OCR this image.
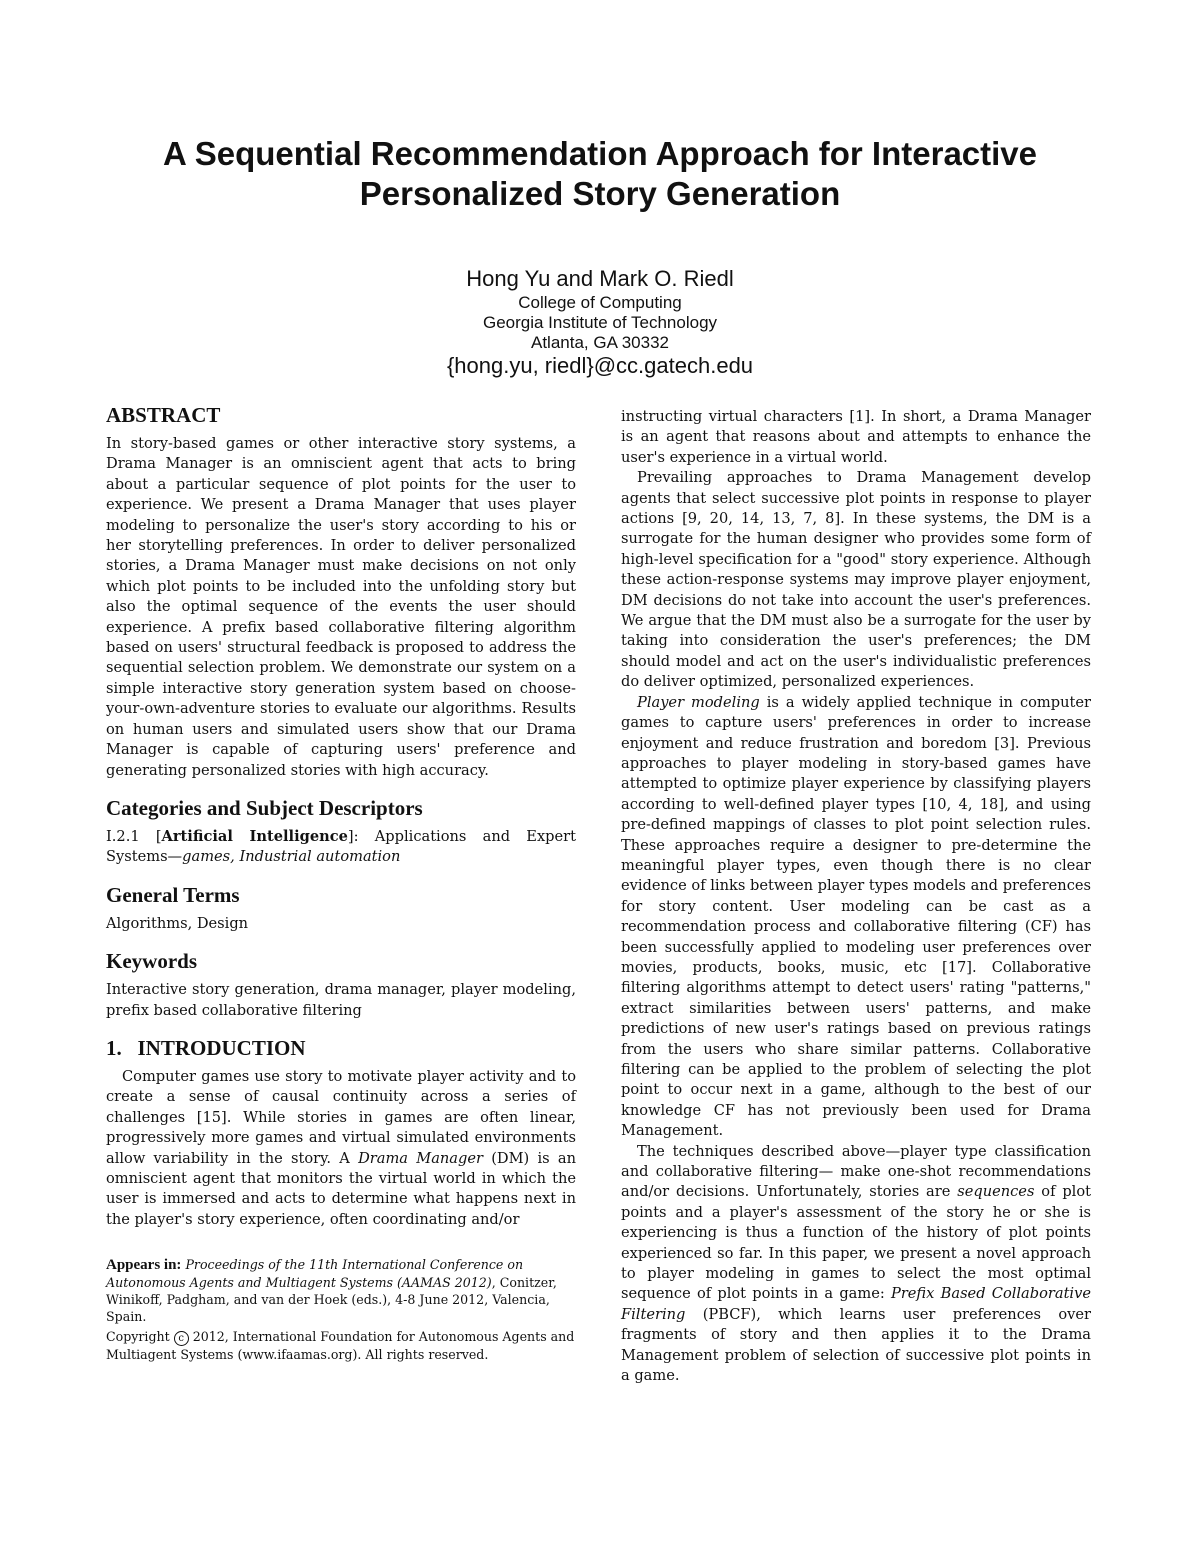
A Sequential Recommendation Approach for Interactive
Personalized Story Generation
Hong Yu and Mark O. Riedl
College of Computing
Georgia Institute of Technology
Atlanta, GA 30332
{hong.yu, riedl}@cc.gatech.edu
ABSTRACT

In story-based games or other interactive story systems, a Drama Manager is an omniscient agent that acts to bring about a particular sequence of plot points for the user to experience. We present a Drama Manager that uses player modeling to personalize the user's story according to his or her storytelling preferences. In order to deliver personalized stories, a Drama Manager must make decisions on not only which plot points to be included into the unfolding story but also the optimal sequence of the events the user should experience. A prefix based collaborative filtering algorithm based on users' structural feedback is proposed to address the sequential selection problem. We demonstrate our system on a simple interactive story generation system based on choose-your-own-adventure stories to evaluate our algorithms. Results on human users and simulated users show that our Drama Manager is capable of capturing users' preference and generating personalized stories with high accuracy.

Categories and Subject Descriptors

I.2.1 [Artificial Intelligence]: Applications and Expert Systems—games, Industrial automation

General Terms

Algorithms, Design

Keywords

Interactive story generation, drama manager, player modeling, prefix based collaborative filtering

1.   INTRODUCTION

Computer games use story to motivate player activity and to create a sense of causal continuity across a series of challenges [15]. While stories in games are often linear, progressively more games and virtual simulated environments allow variability in the story. A Drama Manager (DM) is an omniscient agent that monitors the virtual world in which the user is immersed and acts to determine what happens next in the player's story experience, often coordinating and/or

Appears in: Proceedings of the 11th International Conference on Autonomous Agents and Multiagent Systems (AAMAS 2012), Conitzer, Winikoff, Padgham, and van der Hoek (eds.), 4-8 June 2012, Valencia, Spain.

Copyright c 2012, International Foundation for Autonomous Agents and Multiagent Systems (www.ifaamas.org). All rights reserved.

instructing virtual characters [1]. In short, a Drama Manager is an agent that reasons about and attempts to enhance the user's experience in a virtual world.

Prevailing approaches to Drama Management develop agents that select successive plot points in response to player actions [9, 20, 14, 13, 7, 8]. In these systems, the DM is a surrogate for the human designer who provides some form of high-level specification for a "good" story experience. Although these action-response systems may improve player enjoyment, DM decisions do not take into account the user's preferences. We argue that the DM must also be a surrogate for the user by taking into consideration the user's preferences; the DM should model and act on the user's individualistic preferences do deliver optimized, personalized experiences.

Player modeling is a widely applied technique in computer games to capture users' preferences in order to increase enjoyment and reduce frustration and boredom [3]. Previous approaches to player modeling in story-based games have attempted to optimize player experience by classifying players according to well-defined player types [10, 4, 18], and using pre-defined mappings of classes to plot point selection rules. These approaches require a designer to pre-determine the meaningful player types, even though there is no clear evidence of links between player types models and preferences for story content. User modeling can be cast as a recommendation process and collaborative filtering (CF) has been successfully applied to modeling user preferences over movies, products, books, music, etc [17]. Collaborative filtering algorithms attempt to detect users' rating "patterns," extract similarities between users' patterns, and make predictions of new user's ratings based on previous ratings from the users who share similar patterns. Collaborative filtering can be applied to the problem of selecting the plot point to occur next in a game, although to the best of our knowledge CF has not previously been used for Drama Management.

The techniques described above—player type classification and collaborative filtering— make one-shot recommendations and/or decisions. Unfortunately, stories are sequences of plot points and a player's assessment of the story he or she is experiencing is thus a function of the history of plot points experienced so far. In this paper, we present a novel approach to player modeling in games to select the most optimal sequence of plot points in a game: Prefix Based Collaborative Filtering (PBCF), which learns user preferences over fragments of story and then applies it to the Drama Management problem of selection of successive plot points in a game.
